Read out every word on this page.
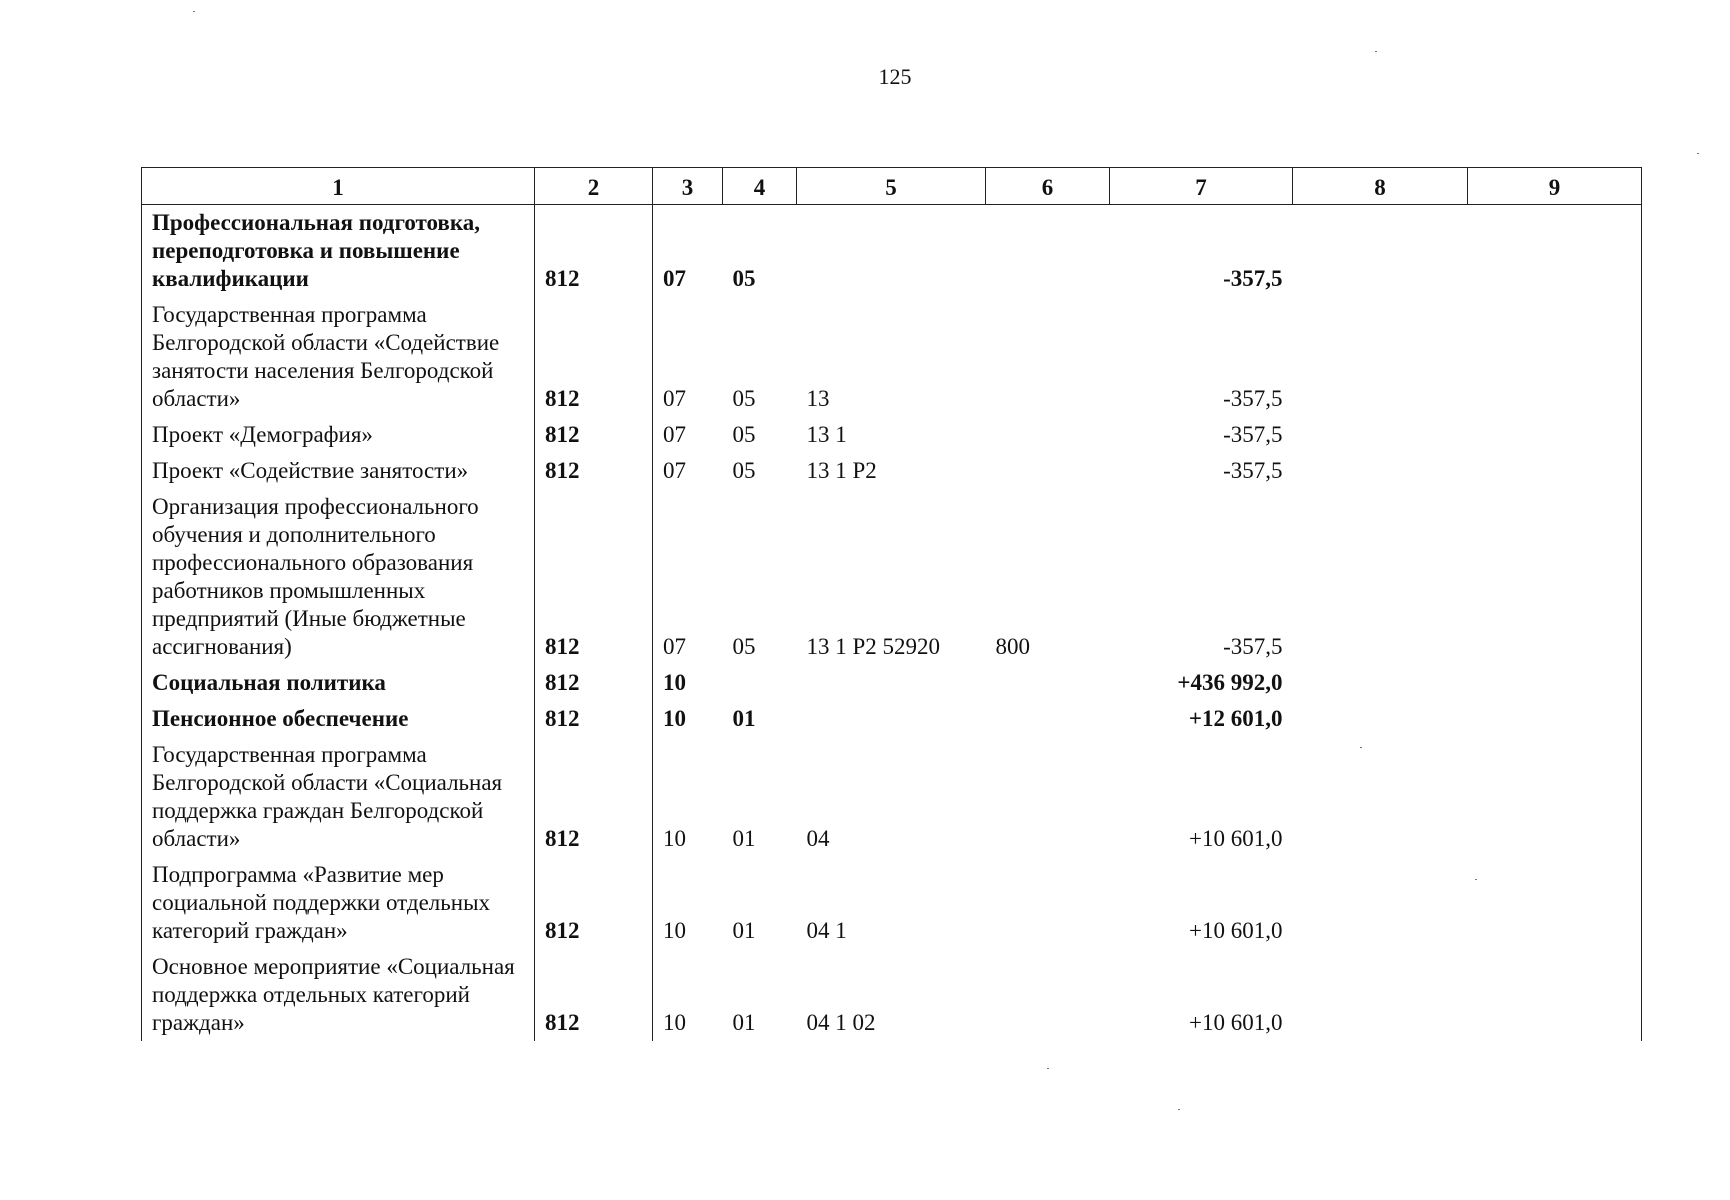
125
1	2	3	4	5	6	7	8	9
Профессиональная подготовка, переподготовка и повышение квалификации	812	07	05			-357,5		
Государственная программа Белгородской области «Содействие занятости населения Белгородской области»	812	07	05	13		-357,5		
Проект «Демография»	812	07	05	13 1		-357,5		
Проект «Содействие занятости»	812	07	05	13 1 Р2		-357,5		
Организация профессионального обучения и дополнительного профессионального образования работников промышленных предприятий (Иные бюджетные ассигнования)	812	07	05	13 1 Р2 52920	800	-357,5		
Социальная политика	812	10				+436 992,0		
Пенсионное обеспечение	812	10	01			+12 601,0		
Государственная программа Белгородской области «Социальная поддержка граждан Белгородской области»	812	10	01	04		+10 601,0		
Подпрограмма «Развитие мер социальной поддержки отдельных категорий граждан»	812	10	01	04 1		+10 601,0		
Основное мероприятие «Социальная поддержка отдельных категорий граждан»	812	10	01	04 1 02		+10 601,0		
